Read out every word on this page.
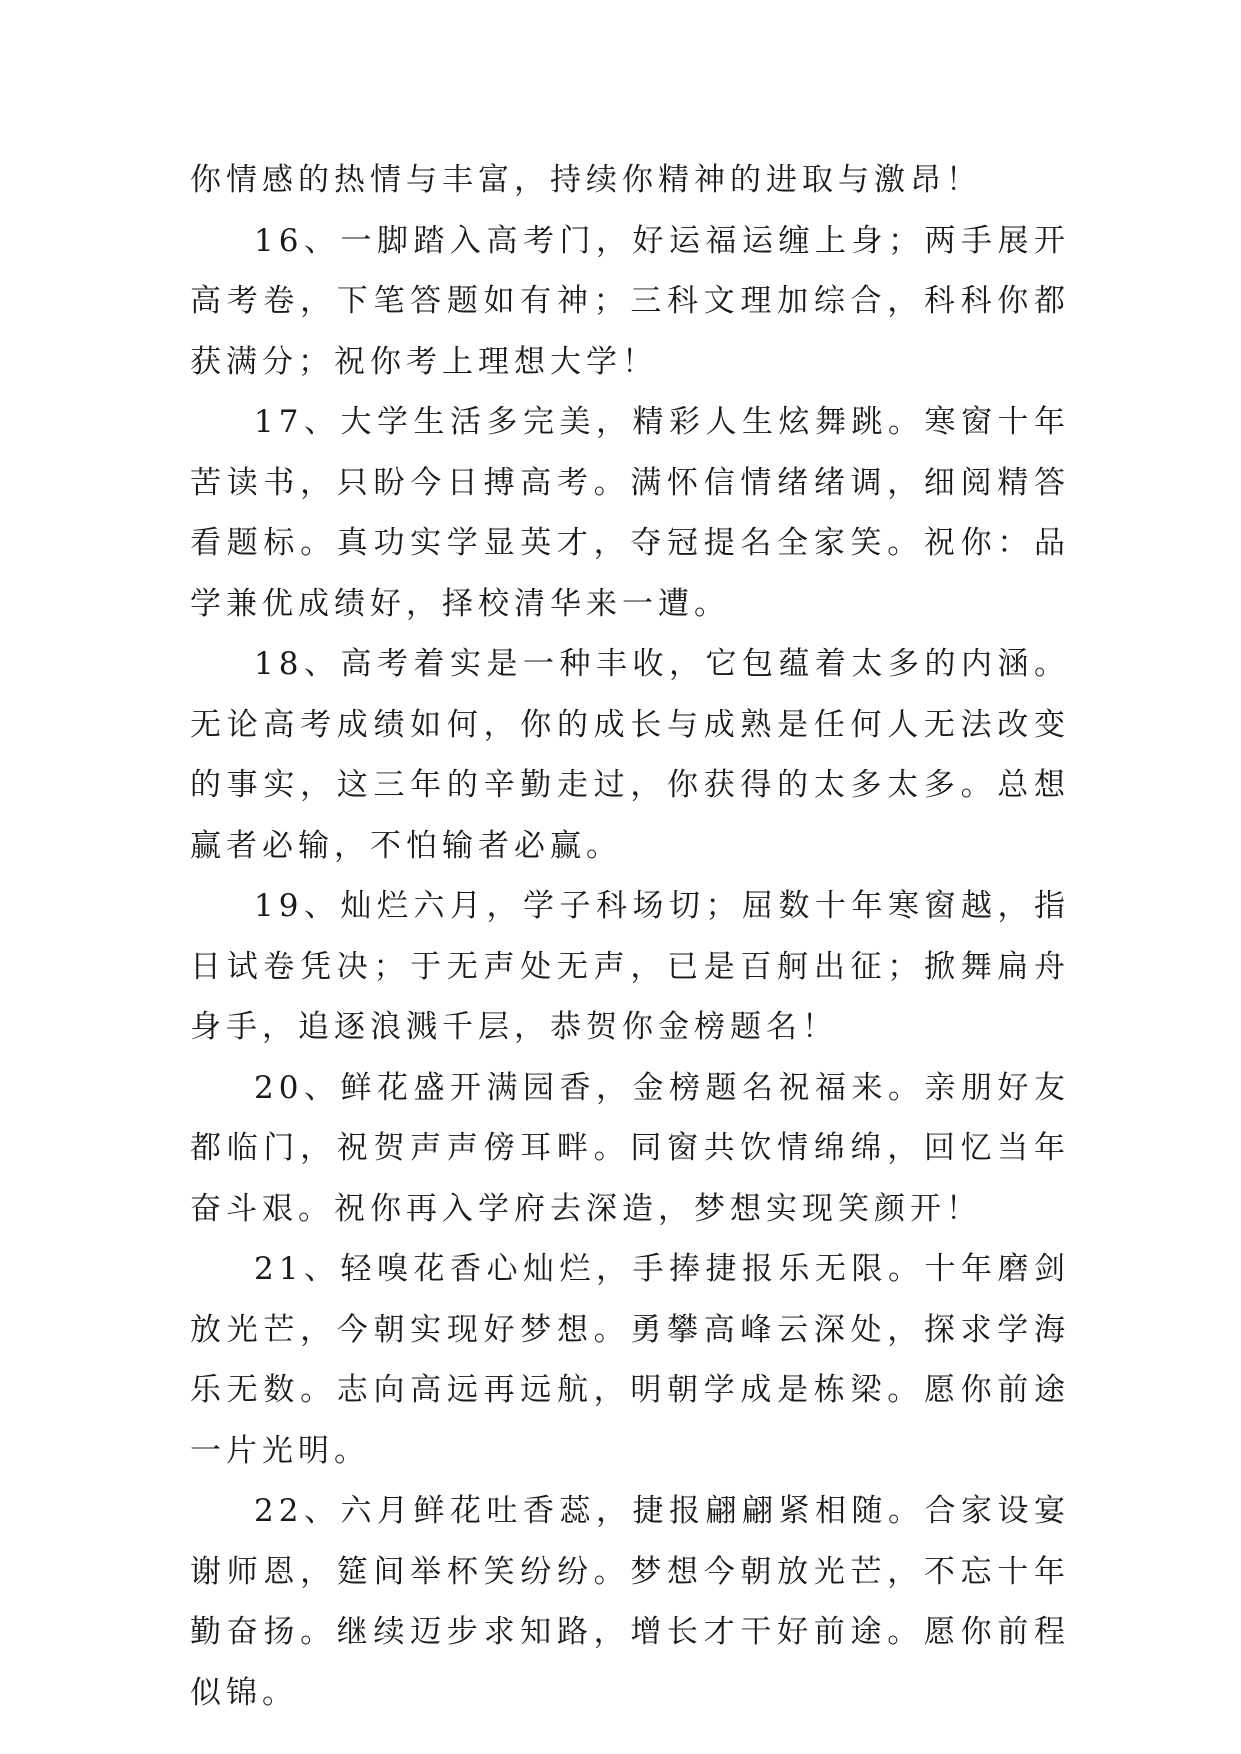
你情感的热情与丰富，持续你精神的进取与激昂！

16、一脚踏入高考门，好运福运缠上身；两手展开高考卷，下笔答题如有神；三科文理加综合，科科你都获满分；祝你考上理想大学！

17、大学生活多完美，精彩人生炫舞跳。寒窗十年苦读书，只盼今日搏高考。满怀信情绪绪调，细阅精答看题标。真功实学显英才，夺冠提名全家笑。祝你：品学兼优成绩好，择校清华来一遭。

18、高考着实是一种丰收，它包蕴着太多的内涵。无论高考成绩如何，你的成长与成熟是任何人无法改变的事实，这三年的辛勤走过，你获得的太多太多。总想赢者必输，不怕输者必赢。

19、灿烂六月，学子科场切；屈数十年寒窗越，指日试卷凭决；于无声处无声，已是百舸出征；掀舞扁舟身手，追逐浪溅千层，恭贺你金榜题名！

20、鲜花盛开满园香，金榜题名祝福来。亲朋好友都临门，祝贺声声傍耳畔。同窗共饮情绵绵，回忆当年奋斗艰。祝你再入学府去深造，梦想实现笑颜开！

21、轻嗅花香心灿烂，手捧捷报乐无限。十年磨剑放光芒，今朝实现好梦想。勇攀高峰云深处，探求学海乐无数。志向高远再远航，明朝学成是栋梁。愿你前途一片光明。

22、六月鲜花吐香蕊，捷报翩翩紧相随。合家设宴谢师恩，筵间举杯笑纷纷。梦想今朝放光芒，不忘十年勤奋扬。继续迈步求知路，增长才干好前途。愿你前程似锦。
